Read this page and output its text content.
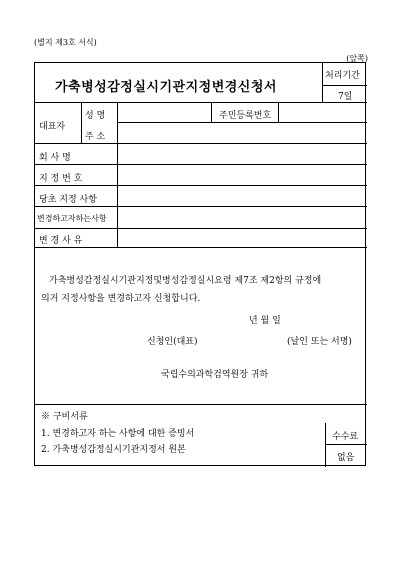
(별지 제3호 서식)
(앞쪽)
가축병성감정실시기관지정변경신청서
처리기간
7일
대표자
성 명	주민등록번호
주 소
회 사 명
지 정 번 호
당초 지정 사항
변경하고자하는사항
변 경 사 유
가축병성감정실시기관지정및병성감정실시요령 제7조 제2항의 규정에
의거 지정사항을 변경하고자 신청합니다.
년 월 일
신청인(대표)	(날인 또는 서명)
국립수의과학검역원장 귀하
※ 구비서류
1. 변경하고자 하는 사항에 대한 증빙서
2. 가축병성감정실시기관지정서 원본
수수료
없음
